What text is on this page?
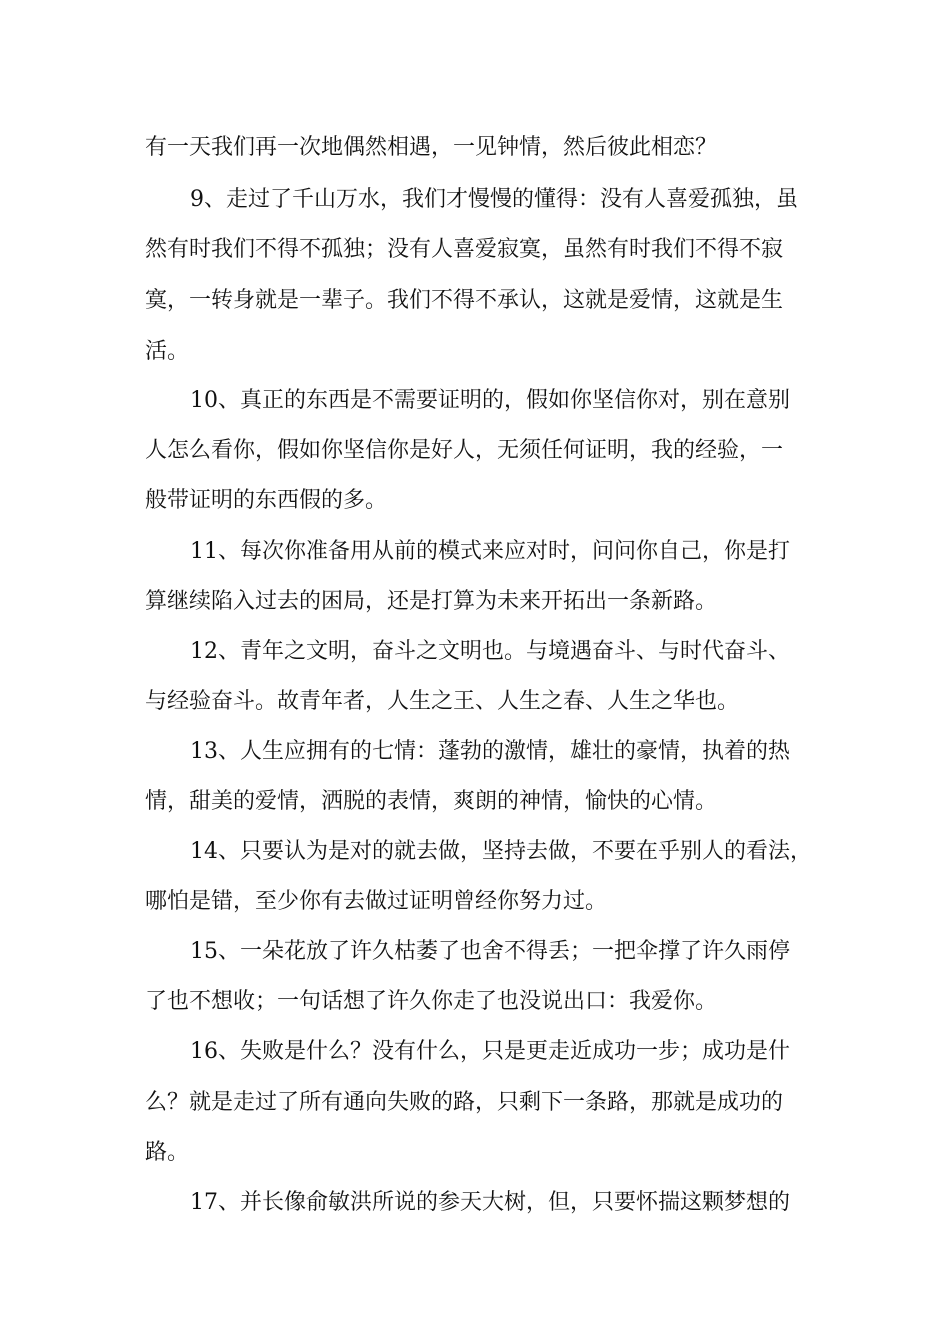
有一天我们再一次地偶然相遇，一见钟情，然后彼此相恋？
9、走过了千山万水，我们才慢慢的懂得：没有人喜爱孤独，虽
然有时我们不得不孤独；没有人喜爱寂寞，虽然有时我们不得不寂
寞，一转身就是一辈子。我们不得不承认，这就是爱情，这就是生
活。
10、真正的东西是不需要证明的，假如你坚信你对，别在意别
人怎么看你，假如你坚信你是好人，无须任何证明，我的经验，一
般带证明的东西假的多。
11、每次你准备用从前的模式来应对时，问问你自己，你是打
算继续陷入过去的困局，还是打算为未来开拓出一条新路。
12、青年之文明，奋斗之文明也。与境遇奋斗、与时代奋斗、
与经验奋斗。故青年者，人生之王、人生之春、人生之华也。
13、人生应拥有的七情：蓬勃的激情，雄壮的豪情，执着的热
情，甜美的爱情，洒脱的表情，爽朗的神情，愉快的心情。
14、只要认为是对的就去做，坚持去做，不要在乎别人的看法，
哪怕是错，至少你有去做过证明曾经你努力过。
15、一朵花放了许久枯萎了也舍不得丢；一把伞撑了许久雨停
了也不想收；一句话想了许久你走了也没说出口：我爱你。
16、失败是什么？没有什么，只是更走近成功一步；成功是什
么？就是走过了所有通向失败的路，只剩下一条路，那就是成功的
路。
17、并长像俞敏洪所说的参天大树，但，只要怀揣这颗梦想的
